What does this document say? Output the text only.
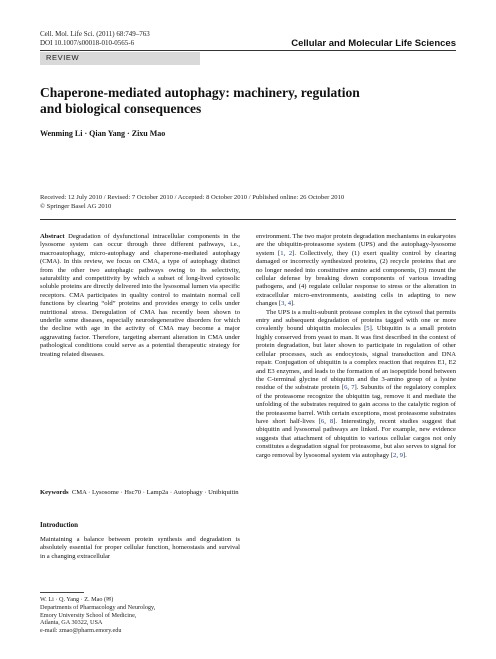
Cell. Mol. Life Sci. (2011) 68:749–763
DOI 10.1007/s00018-010-0565-6	Cellular and Molecular Life Sciences
REVIEW
Chaperone-mediated autophagy: machinery, regulation
and biological consequences
Wenming Li · Qian Yang · Zixu Mao
Received: 12 July 2010 / Revised: 7 October 2010 / Accepted: 8 October 2010 / Published online: 26 October 2010
© Springer Basel AG 2010

Abstract Degradation of dysfunctional intracellular components in the lysosome system can occur through three different pathways, i.e., macroautophagy, micro-autophagy and chaperone-mediated autophagy (CMA). In this review, we focus on CMA, a type of autophagy distinct from the other two autophagic pathways owing to its selectivity, saturability and competitivity by which a subset of long-lived cytosolic soluble proteins are directly delivered into the lysosomal lumen via specific receptors. CMA participates in quality control to maintain normal cell functions by clearing “old” proteins and provides energy to cells under nutritional stress. Deregulation of CMA has recently been shown to underlie some diseases, especially neurodegenerative disorders for which the decline with age in the activity of CMA may become a major aggravating factor. Therefore, targeting aberrant alteration in CMA under pathological conditions could serve as a potential therapeutic strategy for treating related diseases.

Keywords CMA · Lysosome · Hsc70 · Lamp2a · Autophagy · Unibiquitin
Introduction
Maintaining a balance between protein synthesis and degradation is absolutely essential for proper cellular function, homeostasis and survival in a changing extracellular
W. Li · Q. Yang · Z. Mao (✉)
Departments of Pharmacology and Neurology,
Emory University School of Medicine,
Atlanta, GA 30322, USA
e-mail: zmao@pharm.emory.edu

environment. The two major protein degradation mechanisms in eukaryotes are the ubiquitin-proteasome system (UPS) and the autophagy-lysosome system [1, 2]. Collectively, they (1) exert quality control by clearing damaged or incorrectly synthesized proteins, (2) recycle proteins that are no longer needed into constitutive amino acid components, (3) mount the cellular defense by breaking down components of various invading pathogens, and (4) regulate cellular response to stress or the alteration in extracellular micro-environments, assisting cells in adapting to new changes [3, 4].

The UPS is a multi-subunit protease complex in the cytosol that permits entry and subsequent degradation of proteins tagged with one or more covalently bound ubiquitin molecules [5]. Ubiquitin is a small protein highly conserved from yeast to man. It was first described in the context of protein degradation, but later shown to participate in regulation of other cellular processes, such as endocytosis, signal transduction and DNA repair. Conjugation of ubiquitin is a complex reaction that requires E1, E2 and E3 enzymes, and leads to the formation of an isopeptide bond between the C-terminal glycine of ubiquitin and the 3-amino group of a lysine residue of the substrate protein [6, 7]. Subunits of the regulatory complex of the proteasome recognize the ubiquitin tag, remove it and mediate the unfolding of the substrates required to gain access to the catalytic region of the proteasome barrel. With certain exceptions, most proteasome substrates have short half-lives [6, 8]. Interestingly, recent studies suggest that ubiquitin and lysosomal pathways are linked. For example, new evidence suggests that attachment of ubiquitin to various cellular cargos not only constitutes a degradation signal for proteasome, but also serves to signal for cargo removal by lysosomal system via autophagy [2, 9].
